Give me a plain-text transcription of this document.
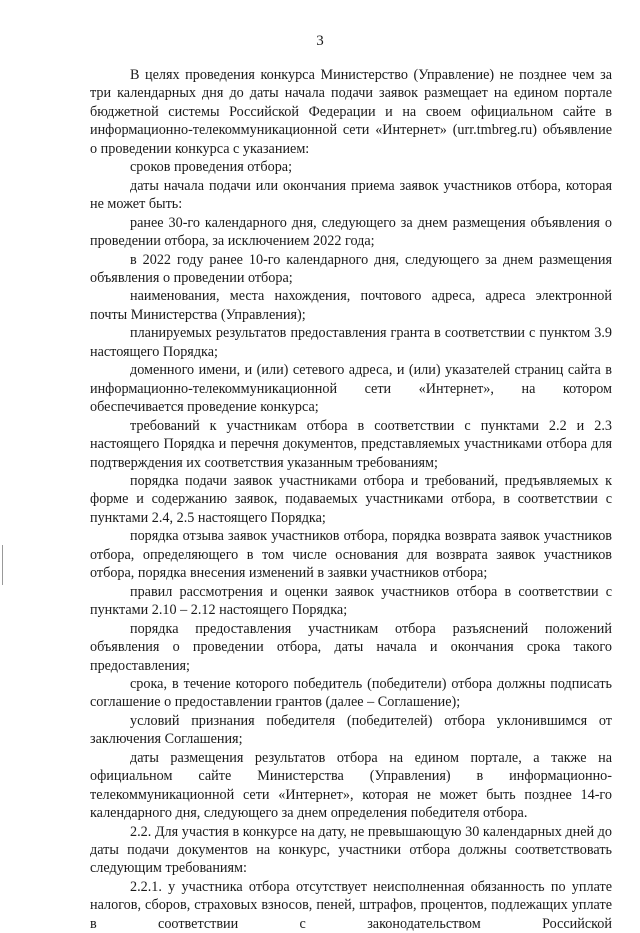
3

В целях проведения конкурса Министерство (Управление) не позднее чем за три календарных дня до даты начала подачи заявок размещает на едином портале бюджетной системы Российской Федерации и на своем официальном сайте в информационно-телекоммуникационной сети «Интернет» (urr.tmbreg.ru) объявление о проведении конкурса с указанием:

сроков проведения отбора;

даты начала подачи или окончания приема заявок участников отбора, которая не может быть:

ранее 30-го календарного дня, следующего за днем размещения объявления о проведении отбора, за исключением 2022 года;

в 2022 году ранее 10-го календарного дня, следующего за днем размещения объявления о проведении отбора;

наименования, места нахождения, почтового адреса, адреса электронной почты Министерства (Управления);

планируемых результатов предоставления гранта в соответствии с пунктом 3.9 настоящего Порядка;

доменного имени, и (или) сетевого адреса, и (или) указателей страниц сайта в информационно-телекоммуникационной сети «Интернет», на котором обеспечивается проведение конкурса;

требований к участникам отбора в соответствии с пунктами 2.2 и 2.3 настоящего Порядка и перечня документов, представляемых участниками отбора для подтверждения их соответствия указанным требованиям;

порядка подачи заявок участниками отбора и требований, предъявляемых к форме и содержанию заявок, подаваемых участниками отбора, в соответствии с пунктами 2.4, 2.5 настоящего Порядка;

порядка отзыва заявок участников отбора, порядка возврата заявок участников отбора, определяющего в том числе основания для возврата заявок участников отбора, порядка внесения изменений в заявки участников отбора;

правил рассмотрения и оценки заявок участников отбора в соответствии с пунктами 2.10 – 2.12 настоящего Порядка;

порядка предоставления участникам отбора разъяснений положений объявления о проведении отбора, даты начала и окончания срока такого предоставления;

срока, в течение которого победитель (победители) отбора должны подписать соглашение о предоставлении грантов (далее – Соглашение);

условий признания победителя (победителей) отбора уклонившимся от заключения Соглашения;

даты размещения результатов отбора на едином портале, а также на официальном сайте Министерства (Управления) в информационно-телекоммуникационной сети «Интернет», которая не может быть позднее 14-го календарного дня, следующего за днем определения победителя отбора.

2.2. Для участия в конкурсе на дату, не превышающую 30 календарных дней до даты подачи документов на конкурс, участники отбора должны соответствовать следующим требованиям:

2.2.1. у участника отбора отсутствует неисполненная обязанность по уплате налогов, сборов, страховых взносов, пеней, штрафов, процентов, подлежащих уплате в соответствии с законодательством Российской
